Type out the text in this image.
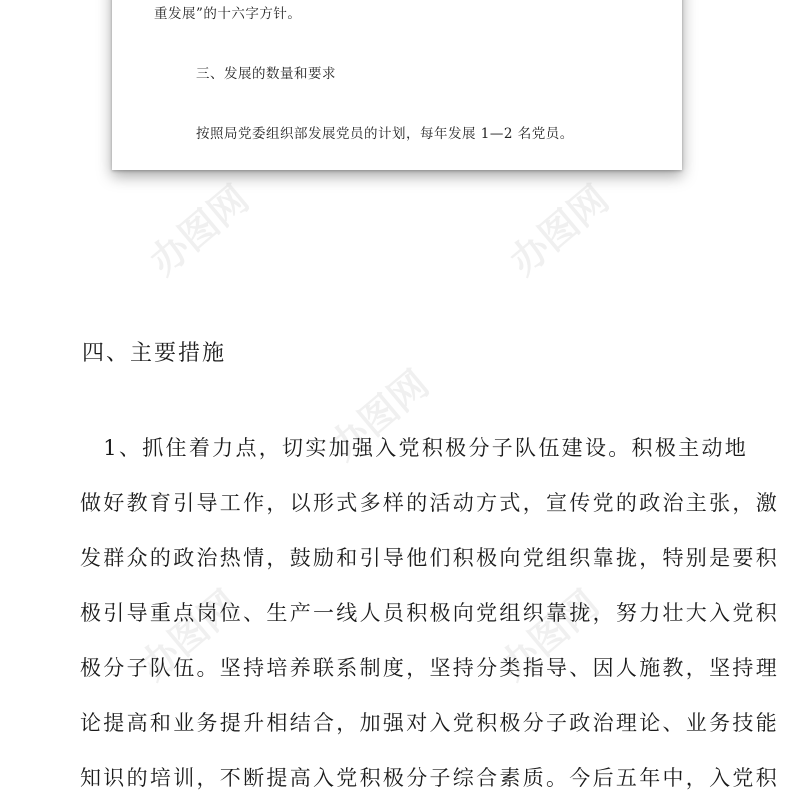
重发展”的十六字方针。

三、发展的数量和要求

按照局党委组织部发展党员的计划，每年发展 1—2 名党员。

办图网	办图网
办图网
办图网	办图网
四、主要措施
　1、抓住着力点，切实加强入党积极分子队伍建设。积极主动地
做好教育引导工作，以形式多样的活动方式，宣传党的政治主张，激
发群众的政治热情，鼓励和引导他们积极向党组织靠拢，特别是要积
极引导重点岗位、生产一线人员积极向党组织靠拢，努力壮大入党积
极分子队伍。坚持培养联系制度，坚持分类指导、因人施教，坚持理
论提高和业务提升相结合，加强对入党积极分子政治理论、业务技能
知识的培训，不断提高入党积极分子综合素质。今后五年中，入党积
